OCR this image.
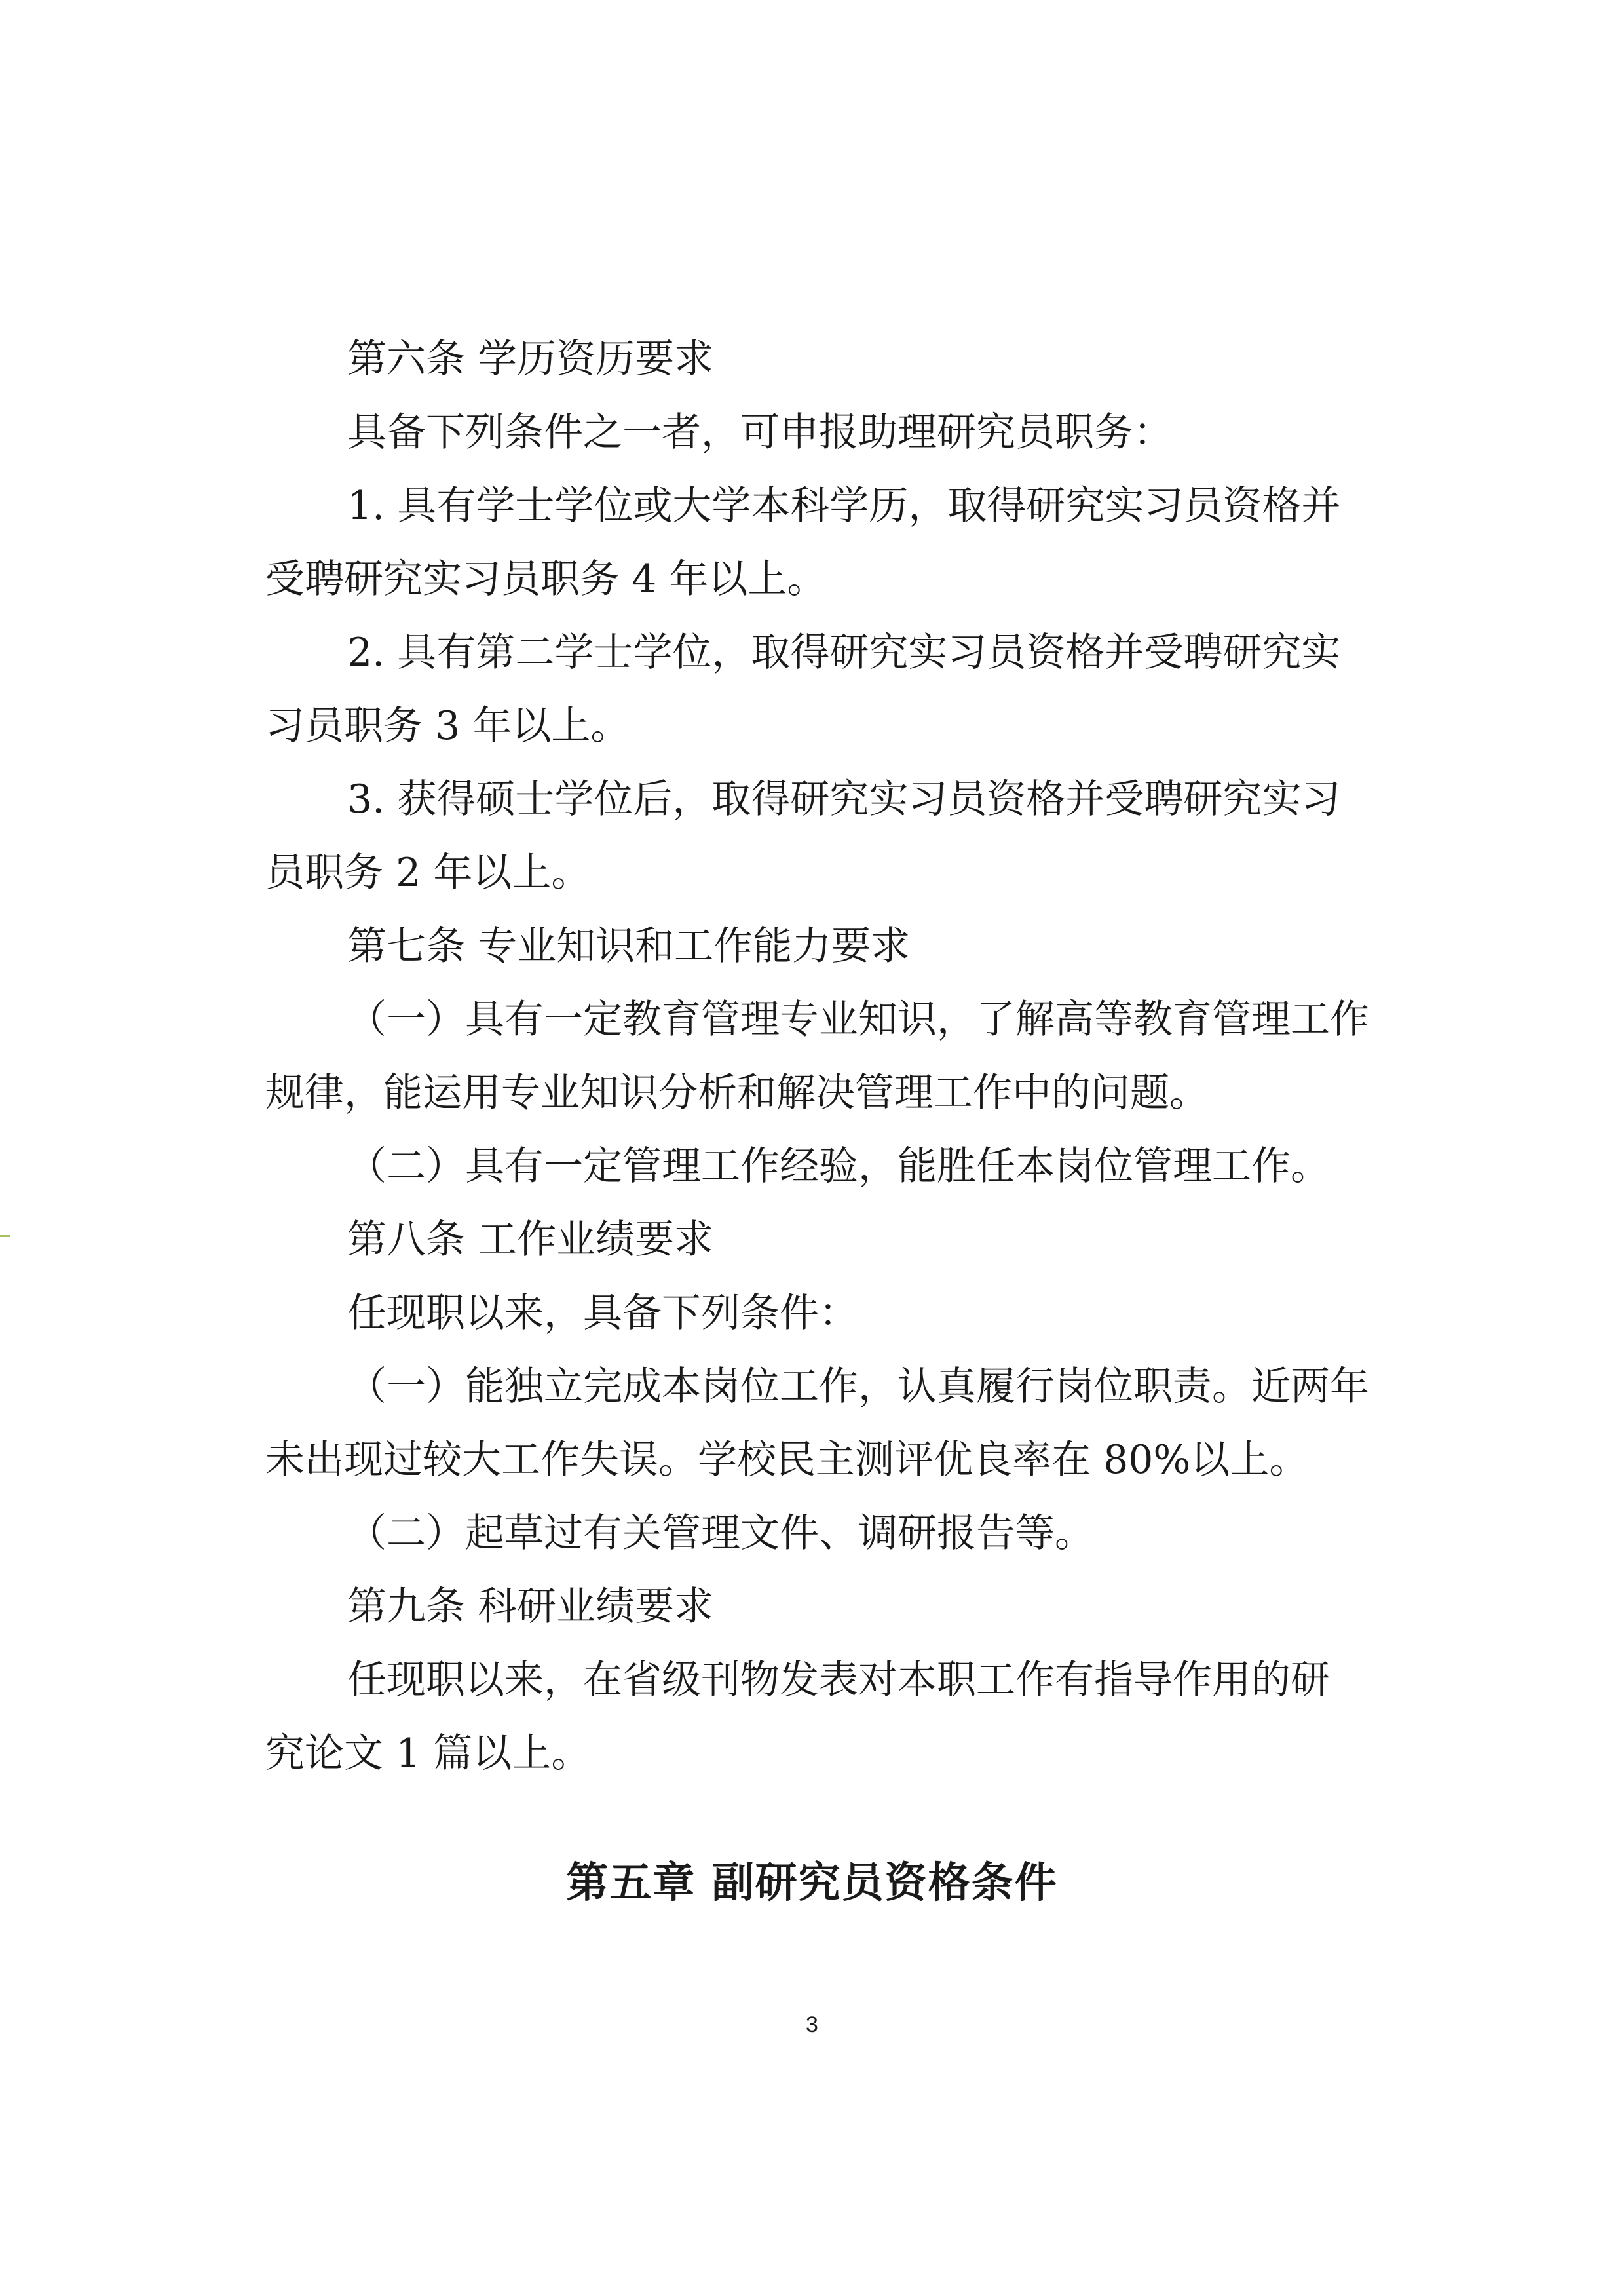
第六条 学历资历要求
具备下列条件之一者，可申报助理研究员职务：
1. 具有学士学位或大学本科学历，取得研究实习员资格并
受聘研究实习员职务 4 年以上。
2. 具有第二学士学位，取得研究实习员资格并受聘研究实
习员职务 3 年以上。
3. 获得硕士学位后，取得研究实习员资格并受聘研究实习
员职务 2 年以上。
第七条 专业知识和工作能力要求
（一）具有一定教育管理专业知识，了解高等教育管理工作
规律，能运用专业知识分析和解决管理工作中的问题。
（二）具有一定管理工作经验，能胜任本岗位管理工作。
第八条 工作业绩要求
任现职以来，具备下列条件：
（一）能独立完成本岗位工作，认真履行岗位职责。近两年
未出现过较大工作失误。学校民主测评优良率在 80%以上。
（二）起草过有关管理文件、调研报告等。
第九条 科研业绩要求
任现职以来，在省级刊物发表对本职工作有指导作用的研
究论文 1 篇以上。
第五章 副研究员资格条件
3
